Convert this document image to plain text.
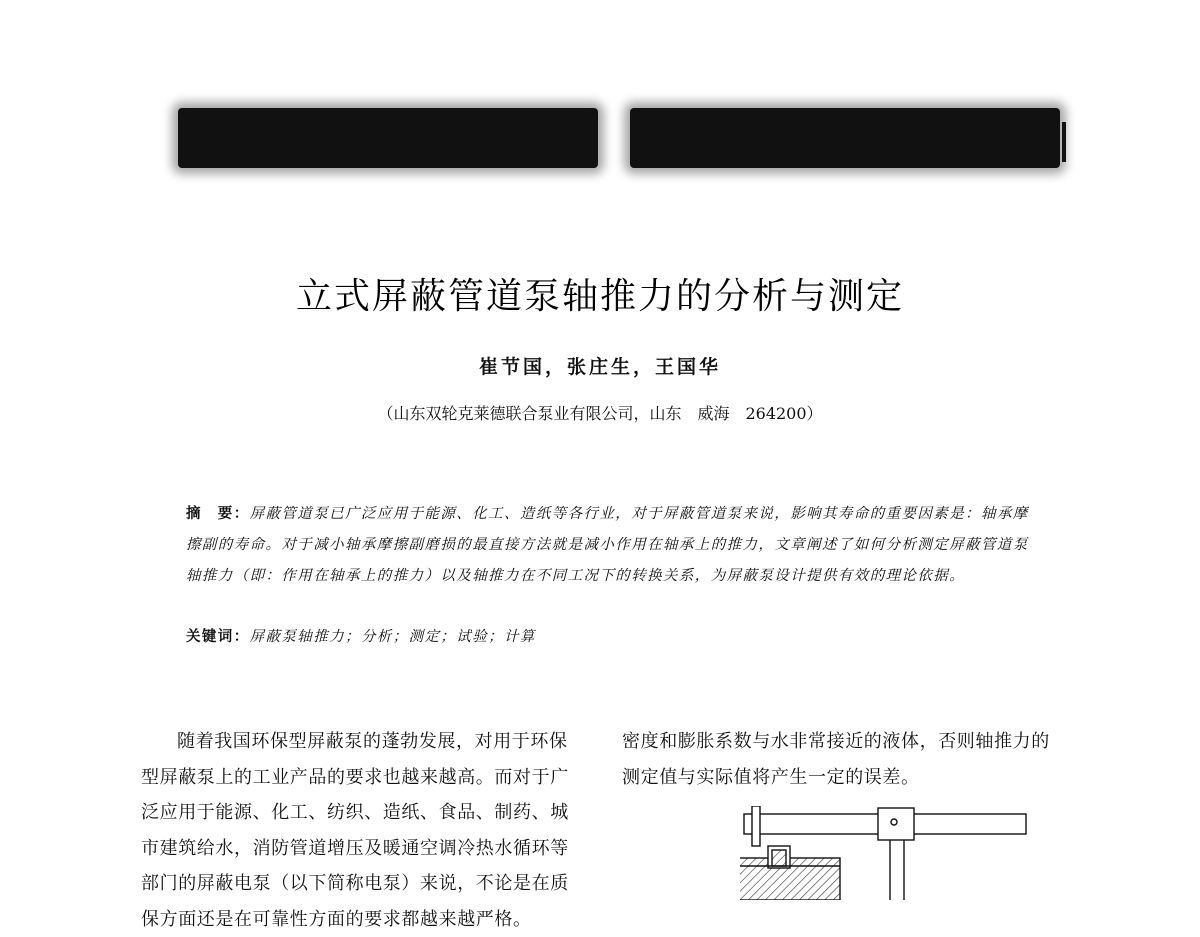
立式屏蔽管道泵轴推力的分析与测定
崔节国，张庄生，王国华
（山东双轮克莱德联合泵业有限公司，山东　威海　264200）

摘　要：屏蔽管道泵已广泛应用于能源、化工、造纸等各行业，对于屏蔽管道泵来说，影响其寿命的重要因素是：轴承摩擦副的寿命。对于减小轴承摩擦副磨损的最直接方法就是减小作用在轴承上的推力，文章阐述了如何分析测定屏蔽管道泵轴推力（即：作用在轴承上的推力）以及轴推力在不同工况下的转换关系，为屏蔽泵设计提供有效的理论依据。

关键词：屏蔽泵轴推力；分析；测定；试验；计算

随着我国环保型屏蔽泵的蓬勃发展，对用于环保型屏蔽泵上的工业产品的要求也越来越高。而对于广泛应用于能源、化工、纺织、造纸、食品、制药、城市建筑给水，消防管道增压及暖通空调冷热水循环等部门的屏蔽电泵（以下简称电泵）来说，不论是在质保方面还是在可靠性方面的要求都越来越严格。

密度和膨胀系数与水非常接近的液体，否则轴推力的测定值与实际值将产生一定的误差。
